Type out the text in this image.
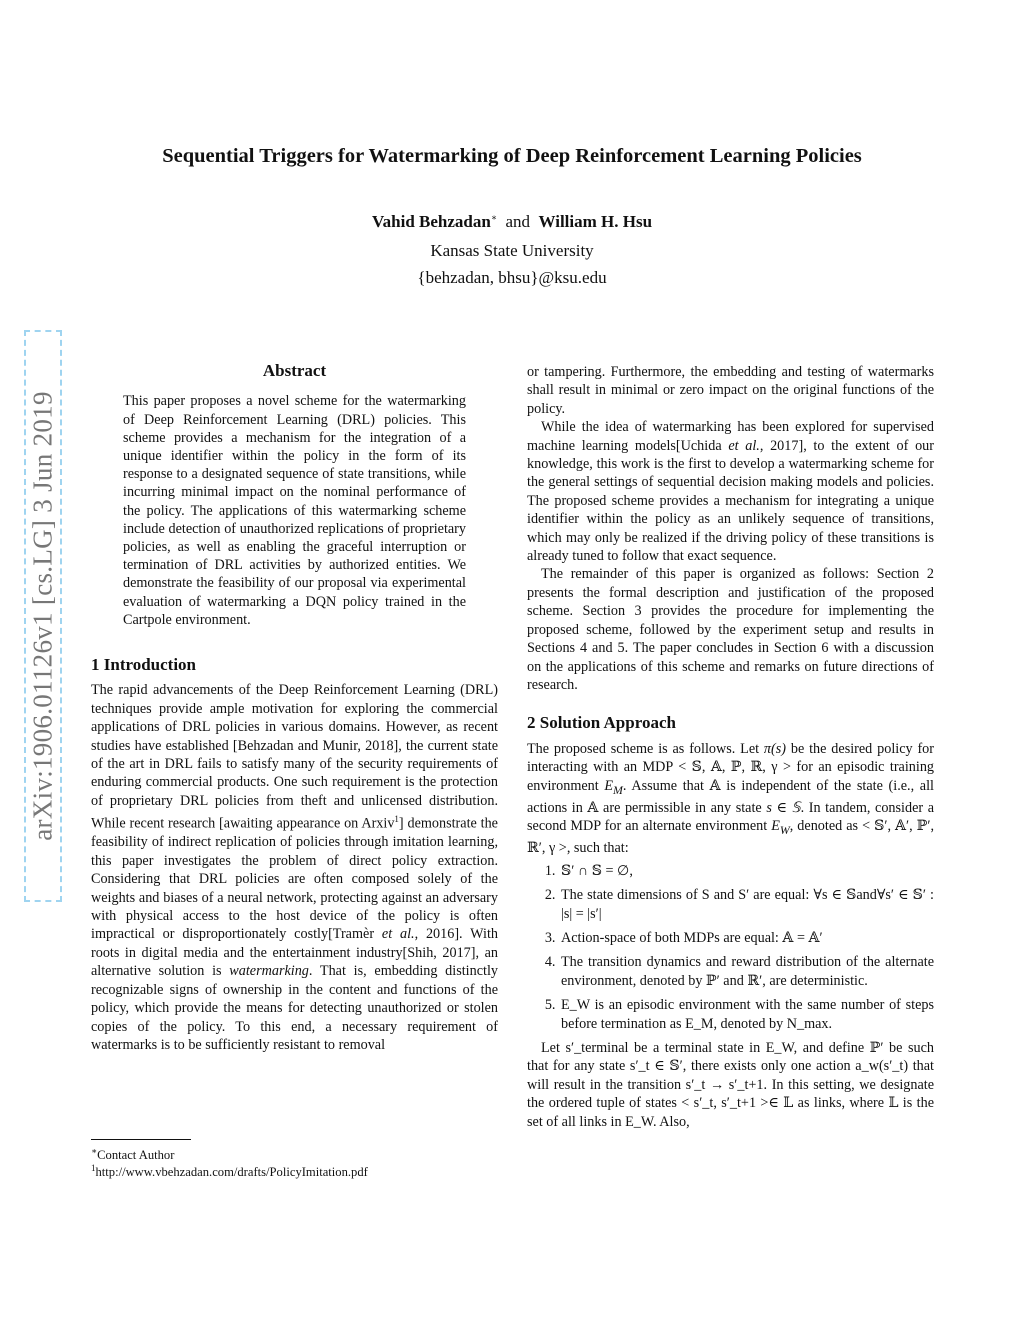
arXiv:1906.01126v1 [cs.LG] 3 Jun 2019
Sequential Triggers for Watermarking of Deep Reinforcement Learning Policies
Vahid Behzadan∗ and William H. Hsu
Kansas State University
{behzadan, bhsu}@ksu.edu
Abstract

This paper proposes a novel scheme for the watermarking of Deep Reinforcement Learning (DRL) policies. This scheme provides a mechanism for the integration of a unique identifier within the policy in the form of its response to a designated sequence of state transitions, while incurring minimal impact on the nominal performance of the policy. The applications of this watermarking scheme include detection of unauthorized replications of proprietary policies, as well as enabling the graceful interruption or termination of DRL activities by authorized entities. We demonstrate the feasibility of our proposal via experimental evaluation of watermarking a DQN policy trained in the Cartpole environment.

1 Introduction

The rapid advancements of the Deep Reinforcement Learning (DRL) techniques provide ample motivation for exploring the commercial applications of DRL policies in various domains. However, as recent studies have established [Behzadan and Munir, 2018], the current state of the art in DRL fails to satisfy many of the security requirements of enduring commercial products. One such requirement is the protection of proprietary DRL policies from theft and unlicensed distribution. While recent research [awaiting appearance on Arxiv$^1$] demonstrate the feasibility of indirect replication of policies through imitation learning, this paper investigates the problem of direct policy extraction. Considering that DRL policies are often composed solely of the weights and biases of a neural network, protecting against an adversary with physical access to the host device of the policy is often impractical or disproportionately costly[Tramèr et al., 2016]. With roots in digital media and the entertainment industry[Shih, 2017], an alternative solution is watermarking. That is, embedding distinctly recognizable signs of ownership in the content and functions of the policy, which provide the means for detecting unauthorized or stolen copies of the policy. To this end, a necessary requirement of watermarks is to be sufficiently resistant to removal

∗Contact Author
$^1$http://www.vbehzadan.com/drafts/PolicyImitation.pdf

or tampering. Furthermore, the embedding and testing of watermarks shall result in minimal or zero impact on the original functions of the policy.

While the idea of watermarking has been explored for supervised machine learning models[Uchida et al., 2017], to the extent of our knowledge, this work is the first to develop a watermarking scheme for the general settings of sequential decision making models and policies. The proposed scheme provides a mechanism for integrating a unique identifier within the policy as an unlikely sequence of transitions, which may only be realized if the driving policy of these transitions is already tuned to follow that exact sequence.

The remainder of this paper is organized as follows: Section 2 presents the formal description and justification of the proposed scheme. Section 3 provides the procedure for implementing the proposed scheme, followed by the experiment setup and results in Sections 4 and 5. The paper concludes in Section 6 with a discussion on the applications of this scheme and remarks on future directions of research.

2 Solution Approach

The proposed scheme is as follows. Let π(s) be the desired policy for interacting with an MDP < 𝕊, 𝔸, ℙ, ℝ, γ > for an episodic training environment $E_M$. Assume that 𝔸 is independent of the state (i.e., all actions in 𝔸 are permissible in any state s ∈ 𝕊. In tandem, consider a second MDP for an alternate environment $E_W$, denoted as < 𝕊′, 𝔸′, ℙ′, ℝ′, γ >, such that:

1. 𝕊′ ∩ 𝕊 = ∅,
2. The state dimensions of S and S′ are equal: ∀s ∈ 𝕊and∀s′ ∈ 𝕊′ : |s| = |s′|
3. Action-space of both MDPs are equal: 𝔸 = 𝔸′
4. The transition dynamics and reward distribution of the alternate environment, denoted by ℙ′ and ℝ′, are deterministic.
5. E_W is an episodic environment with the same number of steps before termination as E_M, denoted by N_max.

Let s′_terminal be a terminal state in E_W, and define ℙ′ be such that for any state s′_t ∈ 𝕊′, there exists only one action a_w(s′_t) that will result in the transition s′_t → s′_t+1. In this setting, we designate the ordered tuple of states < s′_t, s′_t+1 >∈ 𝕃 as links, where 𝕃 is the set of all links in E_W. Also,
